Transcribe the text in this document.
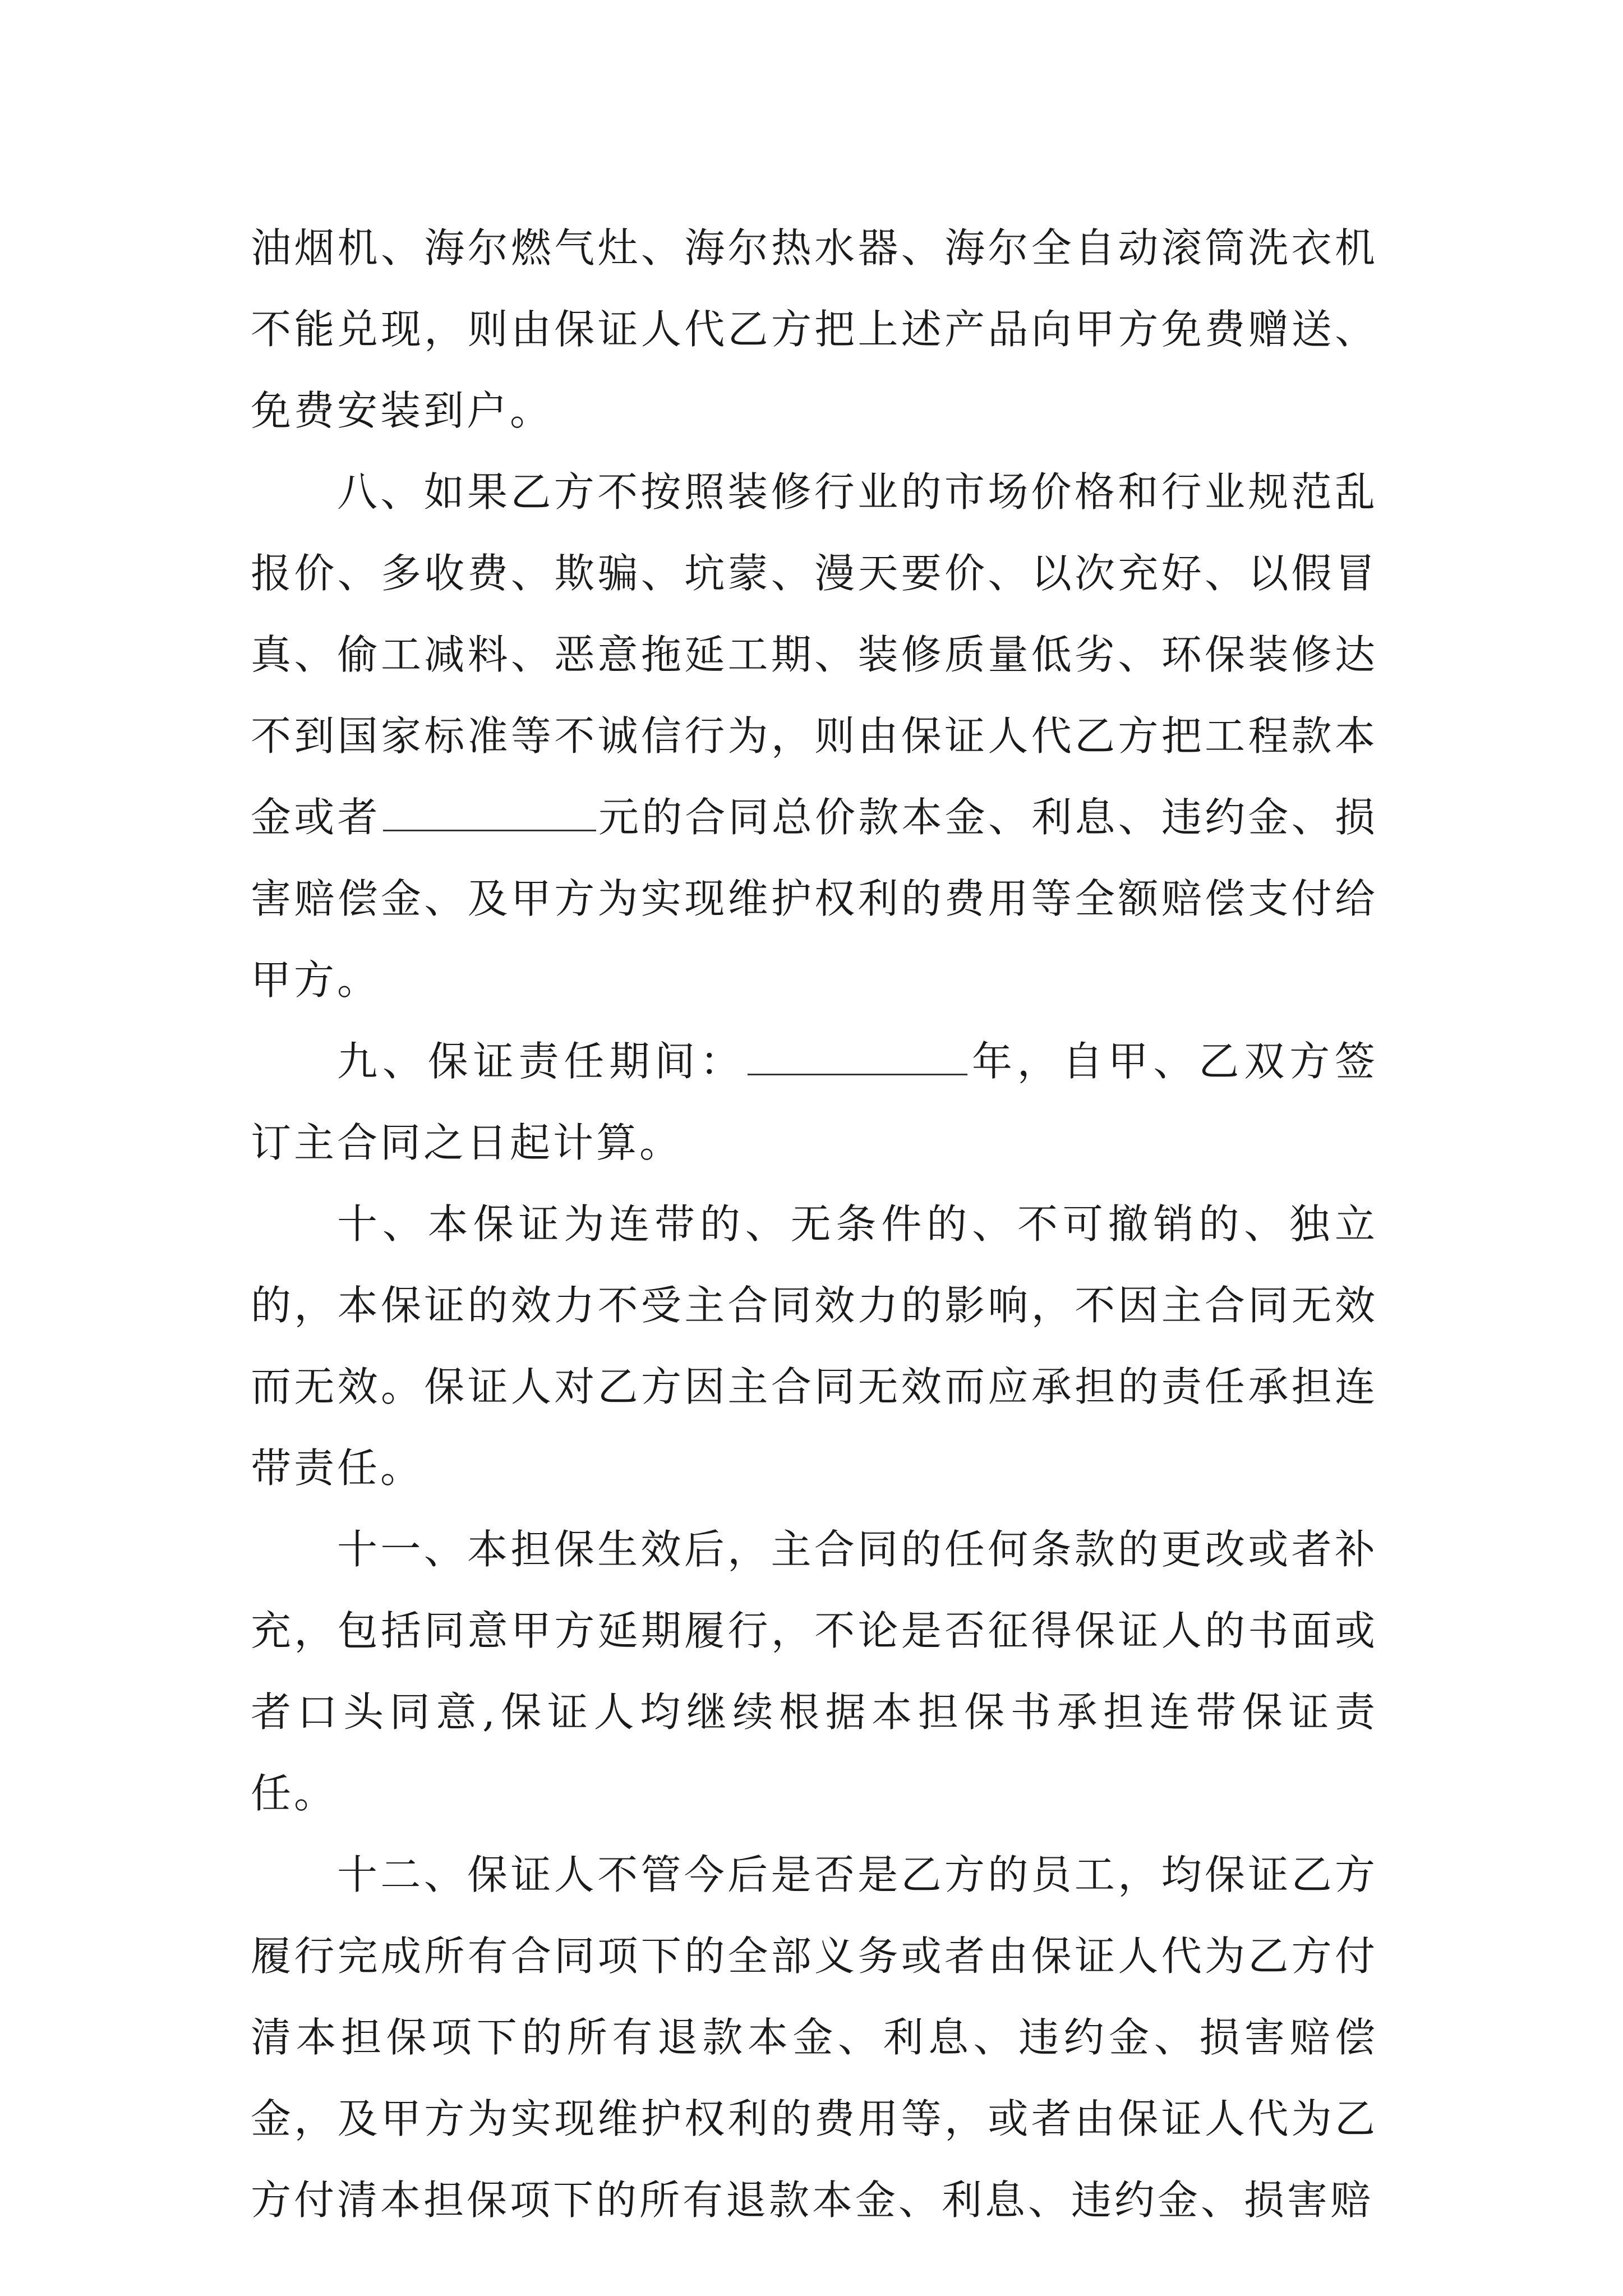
油烟机、海尔燃气灶、海尔热水器、海尔全自动滚筒洗衣机不能兑现，则由保证人代乙方把上述产品向甲方免费赠送、免费安装到户。

八、如果乙方不按照装修行业的市场价格和行业规范乱报价、多收费、欺骗、坑蒙、漫天要价、以次充好、以假冒真、偷工减料、恶意拖延工期、装修质量低劣、环保装修达不到国家标准等不诚信行为，则由保证人代乙方把工程款本金或者	元的合同总价款本金、利息、违约金、损害赔偿金、及甲方为实现维护权利的费用等全额赔偿支付给甲方。

九、保证责任期间：	年，自甲、乙双方签订主合同之日起计算。

十、本保证为连带的、无条件的、不可撤销的、独立的，本保证的效力不受主合同效力的影响，不因主合同无效而无效。保证人对乙方因主合同无效而应承担的责任承担连带责任。

十一、本担保生效后，主合同的任何条款的更改或者补充，包括同意甲方延期履行，不论是否征得保证人的书面或者口头同意,保证人均继续根据本担保书承担连带保证责任。

十二、保证人不管今后是否是乙方的员工，均保证乙方履行完成所有合同项下的全部义务或者由保证人代为乙方付清本担保项下的所有退款本金、利息、违约金、损害赔偿金，及甲方为实现维护权利的费用等，或者由保证人代为乙方付清本担保项下的所有退款本金、利息、违约金、损害赔
